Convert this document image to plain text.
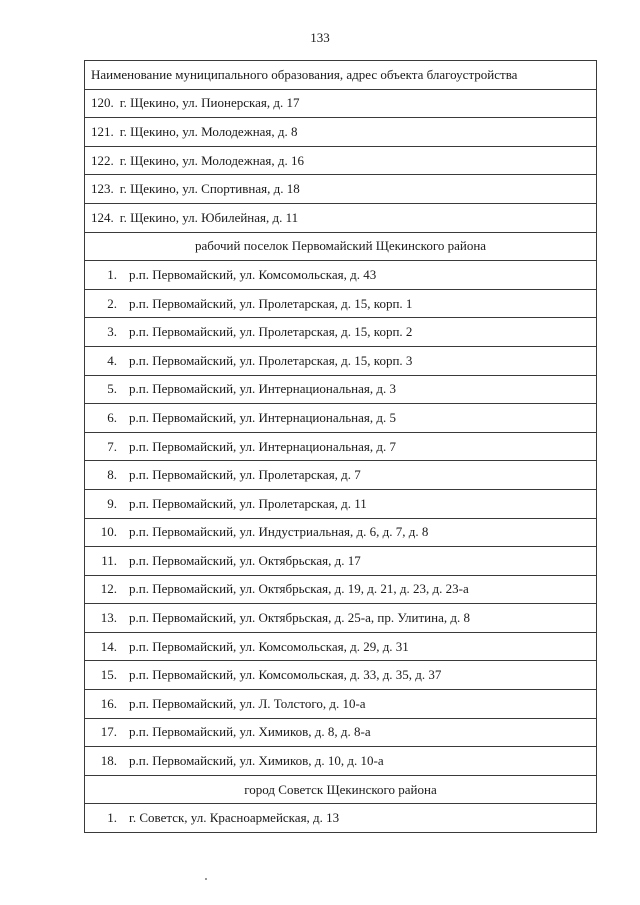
133
Наименование муниципального образования, адрес объекта благоустройства
120. г. Щекино, ул. Пионерская, д. 17
121. г. Щекино, ул. Молодежная, д. 8
122. г. Щекино, ул. Молодежная, д. 16
123. г. Щекино, ул. Спортивная, д. 18
124. г. Щекино, ул. Юбилейная, д. 11
рабочий поселок Первомайский Щекинского района
1. р.п. Первомайский, ул. Комсомольская, д. 43
2. р.п. Первомайский, ул. Пролетарская, д. 15, корп. 1
3. р.п. Первомайский, ул. Пролетарская, д. 15, корп. 2
4. р.п. Первомайский, ул. Пролетарская, д. 15, корп. 3
5. р.п. Первомайский, ул. Интернациональная, д. 3
6. р.п. Первомайский, ул. Интернациональная, д. 5
7. р.п. Первомайский, ул. Интернациональная, д. 7
8. р.п. Первомайский, ул. Пролетарская, д. 7
9. р.п. Первомайский, ул. Пролетарская, д. 11
10. р.п. Первомайский, ул. Индустриальная, д. 6, д. 7, д. 8
11. р.п. Первомайский, ул. Октябрьская, д. 17
12. р.п. Первомайский, ул. Октябрьская, д. 19, д. 21, д. 23, д. 23-а
13. р.п. Первомайский, ул. Октябрьская, д. 25-а, пр. Улитина, д. 8
14. р.п. Первомайский, ул. Комсомольская, д. 29, д. 31
15. р.п. Первомайский, ул. Комсомольская, д. 33, д. 35, д. 37
16. р.п. Первомайский, ул. Л. Толстого, д. 10-а
17. р.п. Первомайский, ул. Химиков, д. 8, д. 8-а
18. р.п. Первомайский, ул. Химиков, д. 10, д. 10-а
город Советск Щекинского района
1. г. Советск, ул. Красноармейская, д. 13
